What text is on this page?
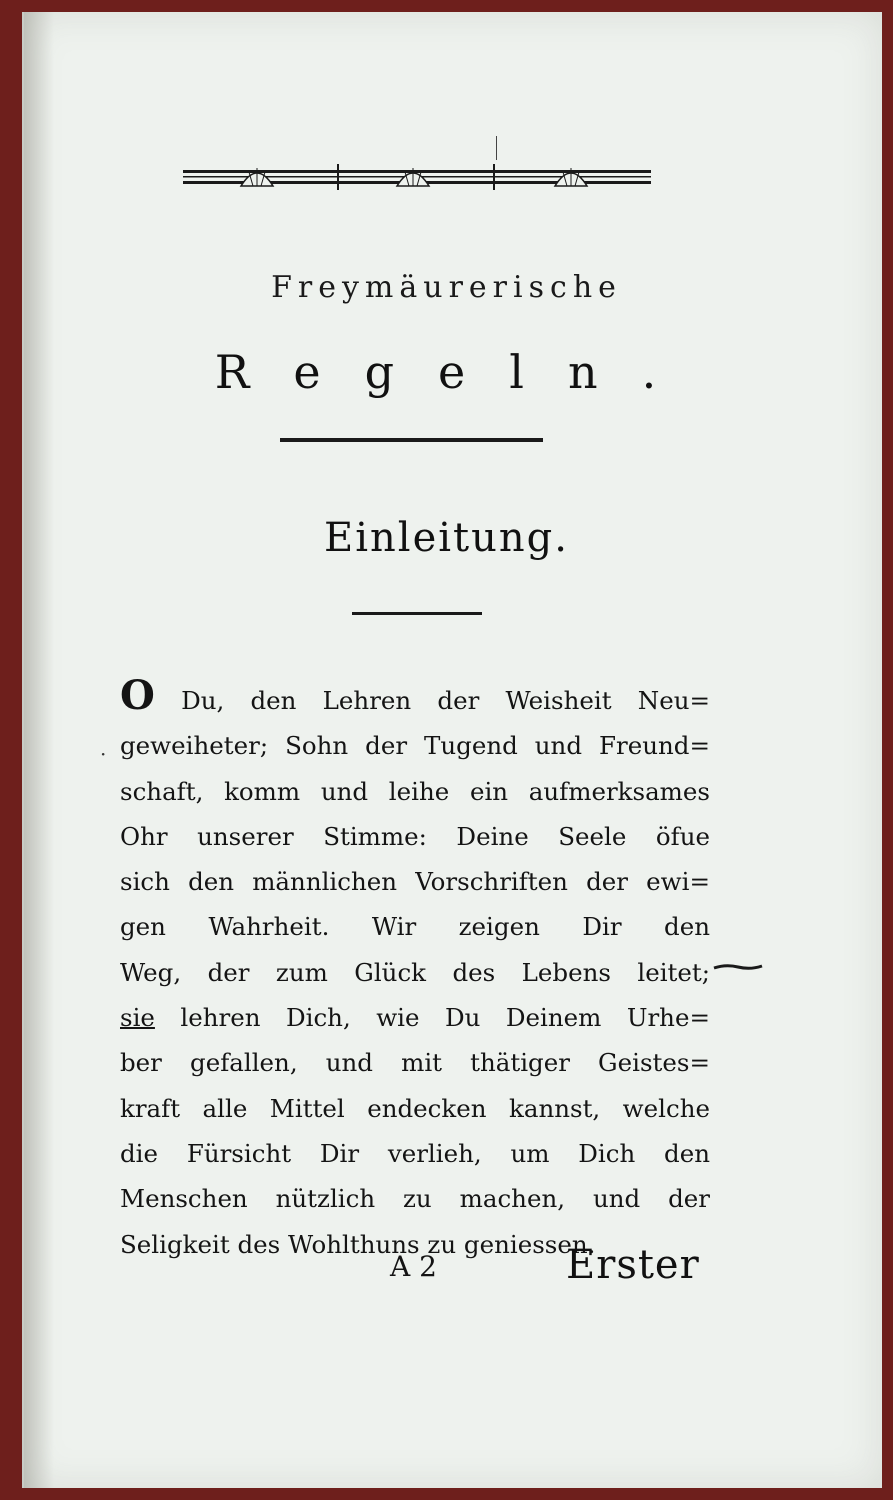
Freymäurerische
Regeln.
Einleitung.
·
O Du, den Lehren der Weisheit Neu=
geweiheter; Sohn der Tugend und Freund=
schaft, komm und leihe ein aufmerksames
Ohr unserer Stimme: Deine Seele öfue
sich den männlichen Vorschriften der ewi=
gen Wahrheit. Wir zeigen Dir den
Weg, der zum Glück des Lebens leitet;
sie lehren Dich, wie Du Deinem Urhe=
ber gefallen, und mit thätiger Geistes=
kraft alle Mittel endecken kannst, welche
die Fürsicht Dir verlieh, um Dich den
Menschen nützlich zu machen, und der
Seligkeit des Wohlthuns zu geniessen.
A 2	Erster
